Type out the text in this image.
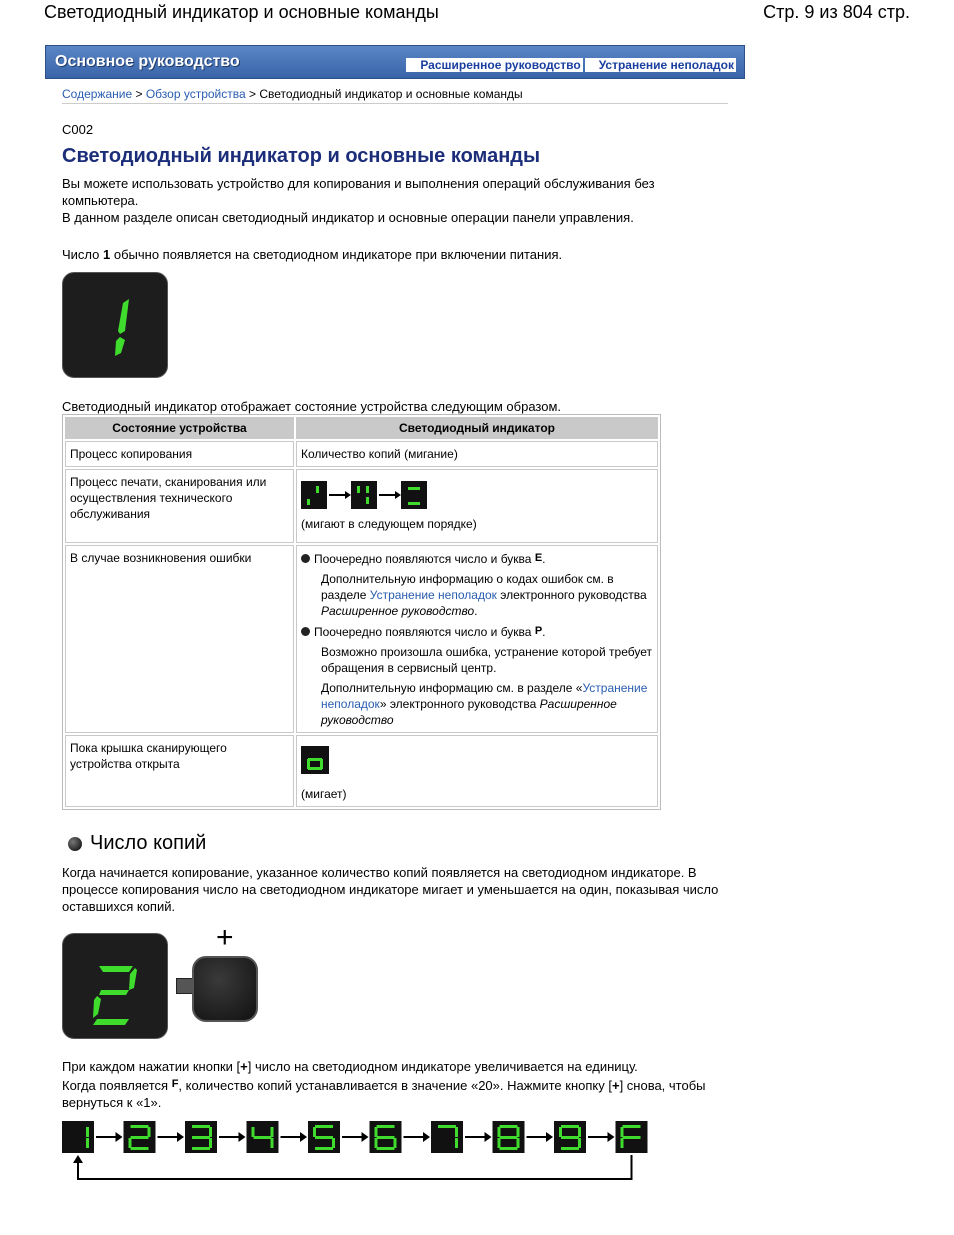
Светодиодный индикатор и основные команды	Стр. 9 из 804 стр.
Основное руководство	Расширенное руководство Устранение неполадок
Содержание > Обзор устройства > Светодиодный индикатор и основные команды
C002
Светодиодный индикатор и основные команды
Вы можете использовать устройство для копирования и выполнения операций обслуживания без компьютера.
В данном разделе описан светодиодный индикатор и основные операции панели управления.
Число 1 обычно появляется на светодиодном индикаторе при включении питания.
Светодиодный индикатор отображает состояние устройства следующим образом.
Состояние устройства	Светодиодный индикатор
Процесс копирования	Количество копий (мигание)
Процесс печати, сканирования или осуществления технического обслуживания	(мигают в следующем порядке)

В случае возникновения ошибки	Поочередно появляются число и буква E.
Дополнительную информацию о кодах ошибок см. в разделе Устранение неполадок электронного руководства Расширенное руководство.
Поочередно появляются число и буква P.
Возможно произошла ошибка, устранение которой требует обращения в сервисный центр.
Дополнительную информацию см. в разделе «Устранение неполадок» электронного руководства Расширенное руководство

Пока крышка сканирующего устройства открыта	(мигает)
Число копий
Когда начинается копирование, указанное количество копий появляется на светодиодном индикаторе. В процессе копирования число на светодиодном индикаторе мигает и уменьшается на один, показывая число оставшихся копий.
+
При каждом нажатии кнопки [+] число на светодиодном индикаторе увеличивается на единицу.
Когда появляется $^F$, количество копий устанавливается в значение «20». Нажмите кнопку [+] снова, чтобы вернуться к «1».
